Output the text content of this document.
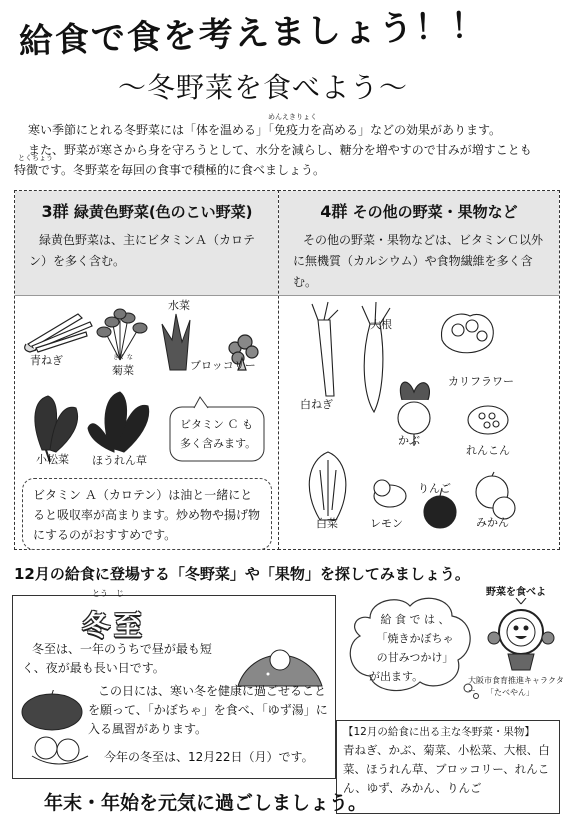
給食で食を考えましょう！！
～冬野菜を食べよう～
めんえきりょく

寒い季節にとれる冬野菜には「体を温める」「免疫力を高める」などの効果があります。

また、野菜が寒さから身を守ろうとして、水分を減らし、糖分を増やすので甘みが増すことも

特徴です。冬野菜を毎回の食事で積極的に食べましょう。

とくちょう
3群 緑黄色野菜(色のこい野菜)
緑黄色野菜は、主にビタミンＡ（カロテン）を多く含む。
青ねぎ	きく な
菊菜
水菜
ブロッコリー
小松菜 ほうれん草
ビタミン Ｃ も
多く含みます。
ビタミン Ａ（カロテン）は油と一緒にとると吸収率が高まります。炒め物や揚げ物にするのがおすすめです。
4群 その他の野菜・果物など
その他の野菜・果物などは、ビタミンＣ以外に無機質（カルシウム）や食物繊維を多く含む。
大根
白ねぎ
カリフラワー
かぶ
れんこん
りんご
白菜	レモン	みかん
12月の給食に登場する「冬野菜」や「果物」を探してみましょう。
とう　じ
冬至
冬至は、一年のうちで昼が最も短く、夜が最も長い日です。
この日には、寒い冬を健康に過ごせることを願って、「かぼちゃ」を食べ、「ゆず湯」に入る風習があります。
今年の冬至は、12月22日（月）です。
給 食 で は 、
「焼きかぼちゃ
の甘みつかけ」
が出ます。
野菜を食べよ
大阪市食育推進キャラクター	「たべやん」
【12月の給食に出る主な冬野菜・果物】
青ねぎ、かぶ、菊菜、小松菜、大根、白菜、ほうれん草、ブロッコリー、れんこん、ゆず、みかん、りんご
年末・年始を元気に過ごしましょう。
